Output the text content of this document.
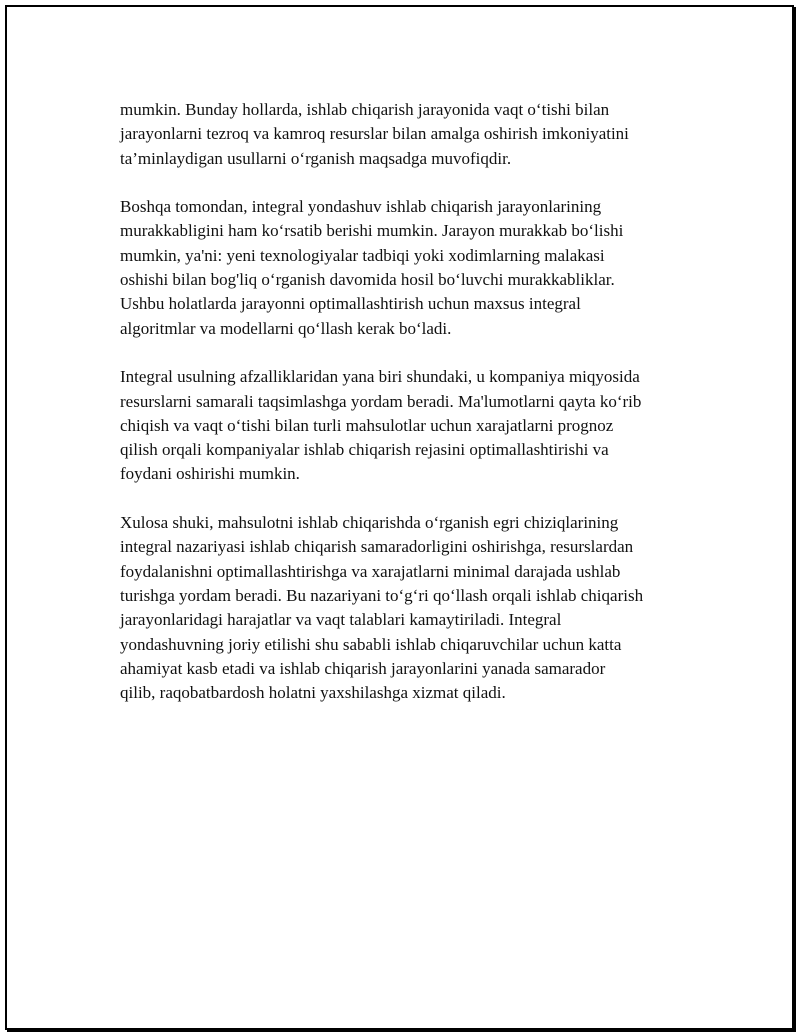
mumkin. Bunday hollarda, ishlab chiqarish jarayonida vaqt o‘tishi bilan
jarayonlarni tezroq va kamroq resurslar bilan amalga oshirish imkoniyatini
ta’minlaydigan usullarni o‘rganish maqsadga muvofiqdir.

Boshqa tomondan, integral yondashuv ishlab chiqarish jarayonlarining
murakkabligini ham ko‘rsatib berishi mumkin. Jarayon murakkab bo‘lishi
mumkin, ya'ni: yeni texnologiyalar tadbiqi yoki xodimlarning malakasi
oshishi bilan bog'liq o‘rganish davomida hosil bo‘luvchi murakkabliklar.
Ushbu holatlarda jarayonni optimallashtirish uchun maxsus integral
algoritmlar va modellarni qo‘llash kerak bo‘ladi.

Integral usulning afzalliklaridan yana biri shundaki, u kompaniya miqyosida
resurslarni samarali taqsimlashga yordam beradi. Ma'lumotlarni qayta ko‘rib
chiqish va vaqt o‘tishi bilan turli mahsulotlar uchun xarajatlarni prognoz
qilish orqali kompaniyalar ishlab chiqarish rejasini optimallashtirishi va
foydani oshirishi mumkin.

Xulosa shuki, mahsulotni ishlab chiqarishda o‘rganish egri chiziqlarining
integral nazariyasi ishlab chiqarish samaradorligini oshirishga, resurslardan
foydalanishni optimallashtirishga va xarajatlarni minimal darajada ushlab
turishga yordam beradi. Bu nazariyani to‘g‘ri qo‘llash orqali ishlab chiqarish
jarayonlaridagi harajatlar va vaqt talablari kamaytiriladi. Integral
yondashuvning joriy etilishi shu sababli ishlab chiqaruvchilar uchun katta
ahamiyat kasb etadi va ishlab chiqarish jarayonlarini yanada samarador
qilib, raqobatbardosh holatni yaxshilashga xizmat qiladi.
